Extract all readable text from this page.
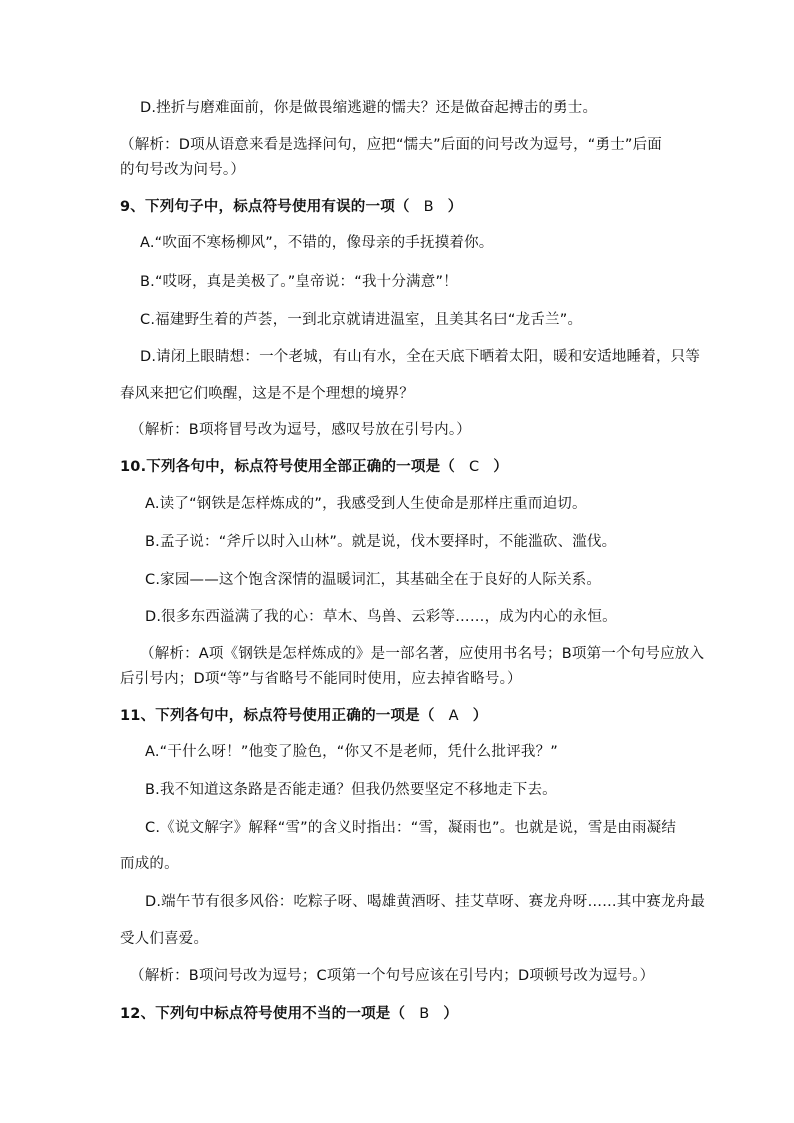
D.挫折与磨难面前，你是做畏缩逃避的懦夫？还是做奋起搏击的勇士。
（解析：D项从语意来看是选择问句，应把“懦夫”后面的问号改为逗号，“勇士”后面
的句号改为问号。）
9、下列句子中，标点符号使用有误的一项（ B ）
A.“吹面不寒杨柳风”，不错的，像母亲的手抚摸着你。
B.“哎呀，真是美极了。”皇帝说：“我十分满意”！
C.福建野生着的芦荟，一到北京就请进温室，且美其名曰“龙舌兰”。
D.请闭上眼睛想：一个老城，有山有水，全在天底下晒着太阳，暖和安适地睡着，只等
春风来把它们唤醒，这是不是个理想的境界？
（解析：B项将冒号改为逗号，感叹号放在引号内。）
10.下列各句中，标点符号使用全部正确的一项是（ C ）
A.读了“钢铁是怎样炼成的”，我感受到人生使命是那样庄重而迫切。
B.孟子说：“斧斤以时入山林”。就是说，伐木要择时，不能滥砍、滥伐。
C.家园——这个饱含深情的温暖词汇，其基础全在于良好的人际关系。
D.很多东西溢满了我的心：草木、鸟兽、云彩等……，成为内心的永恒。
（解析：A项《钢铁是怎样炼成的》是一部名著，应使用书名号；B项第一个句号应放入
后引号内；D项“等”与省略号不能同时使用，应去掉省略号。）
11、下列各句中，标点符号使用正确的一项是（ A ）
A.“干什么呀！”他变了脸色，“你又不是老师，凭什么批评我？”
B.我不知道这条路是否能走通？但我仍然要坚定不移地走下去。
C.《说文解字》解释“雪”的含义时指出：“雪，凝雨也”。也就是说，雪是由雨凝结
而成的。
D.端午节有很多风俗：吃粽子呀、喝雄黄酒呀、挂艾草呀、赛龙舟呀……其中赛龙舟最
受人们喜爱。
（解析：B项问号改为逗号；C项第一个句号应该在引号内；D项顿号改为逗号。）
12、下列句中标点符号使用不当的一项是（ B ）
